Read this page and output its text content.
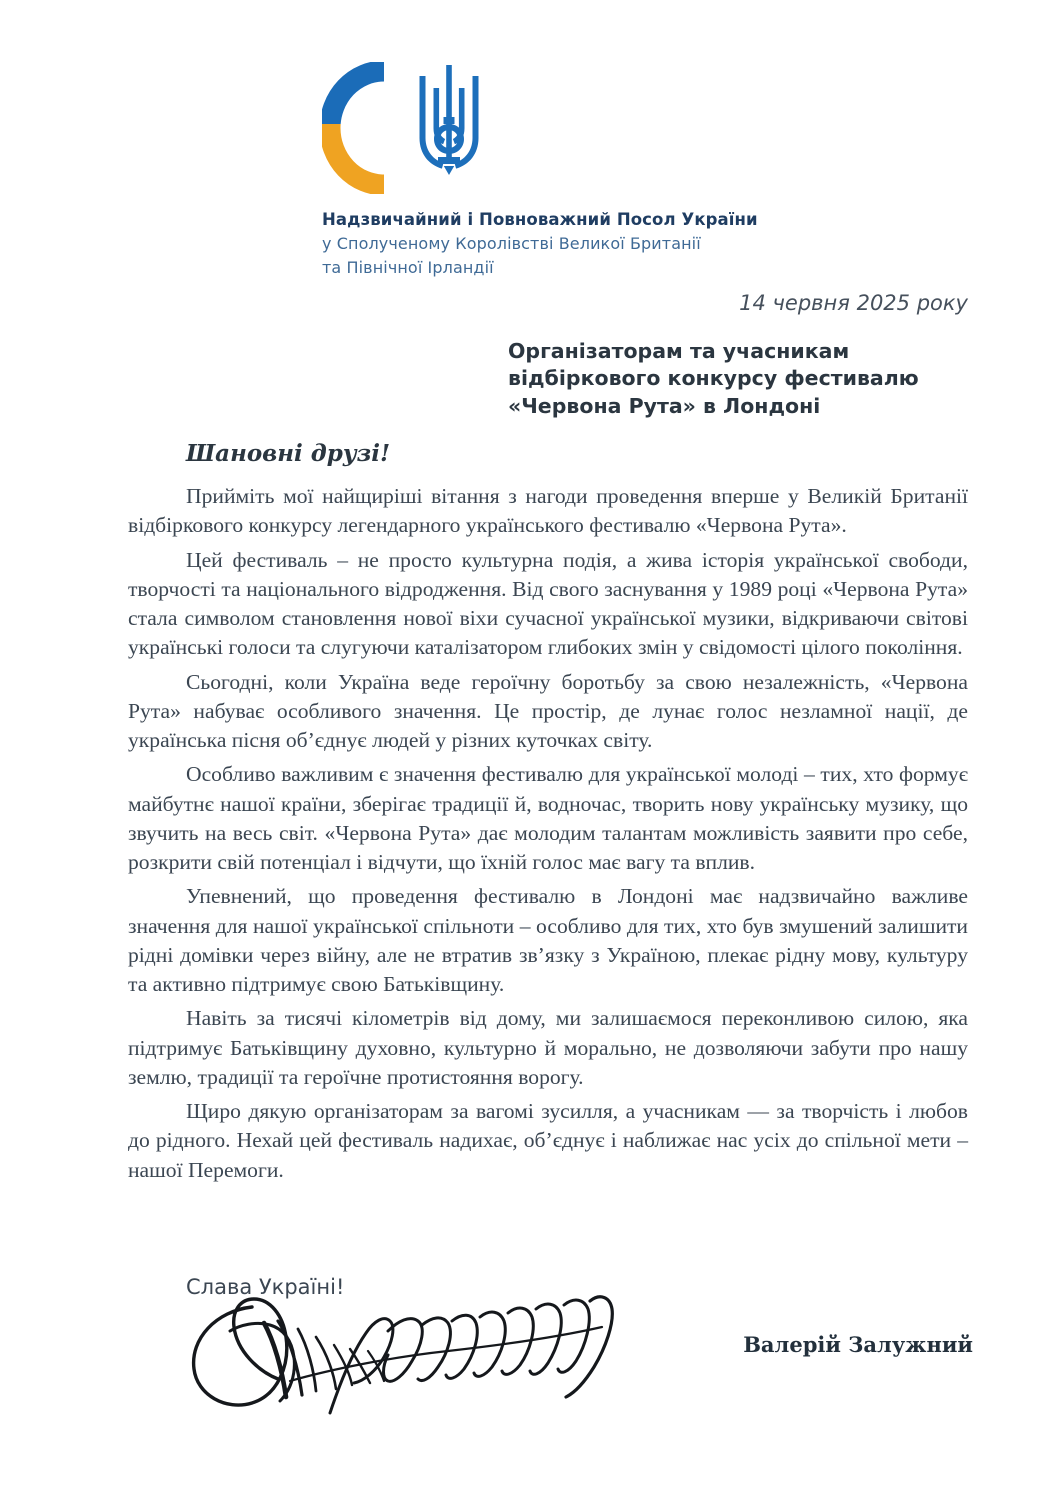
Надзвичайний і Повноважний Посол України
у Сполученому Королівстві Великої Британії
та Північної Ірландії
14 червня 2025 року
Організаторам та учасникам
відбіркового конкурсу фестивалю
«Червона Рута» в Лондоні
Шановні друзі!

Прийміть мої найщиріші вітання з нагоди проведення вперше у Великій Британії відбіркового конкурсу легендарного українського фестивалю «Червона Рута».

Цей фестиваль – не просто культурна подія, а жива історія української свободи, творчості та національного відродження. Від свого заснування у 1989 році «Червона Рута» стала символом становлення нової віхи сучасної української музики, відкриваючи світові українські голоси та слугуючи каталізатором глибоких змін у свідомості цілого покоління.

Сьогодні, коли Україна веде героїчну боротьбу за свою незалежність, «Червона Рута» набуває особливого значення. Це простір, де лунає голос незламної нації, де українська пісня об’єднує людей у різних куточках світу.

Особливо важливим є значення фестивалю для української молоді – тих, хто формує майбутнє нашої країни, зберігає традиції й, водночас, творить нову українську музику, що звучить на весь світ. «Червона Рута» дає молодим талантам можливість заявити про себе, розкрити свій потенціал і відчути, що їхній голос має вагу та вплив.

Упевнений, що проведення фестивалю в Лондоні має надзвичайно важливе значення для нашої української спільноти – особливо для тих, хто був змушений залишити рідні домівки через війну, але не втратив зв’язку з Україною, плекає рідну мову, культуру та активно підтримує свою Батьківщину.

Навіть за тисячі кілометрів від дому, ми залишаємося переконливою силою, яка підтримує Батьківщину духовно, культурно й морально, не дозволяючи забути про нашу землю, традиції та героїчне протистояння ворогу.

Щиро дякую організаторам за вагомі зусилля, а учасникам — за творчість і любов до рідного. Нехай цей фестиваль надихає, об’єднує і наближає нас усіх до спільної мети – нашої Перемоги.

Слава Україні!
Валерій Залужний
